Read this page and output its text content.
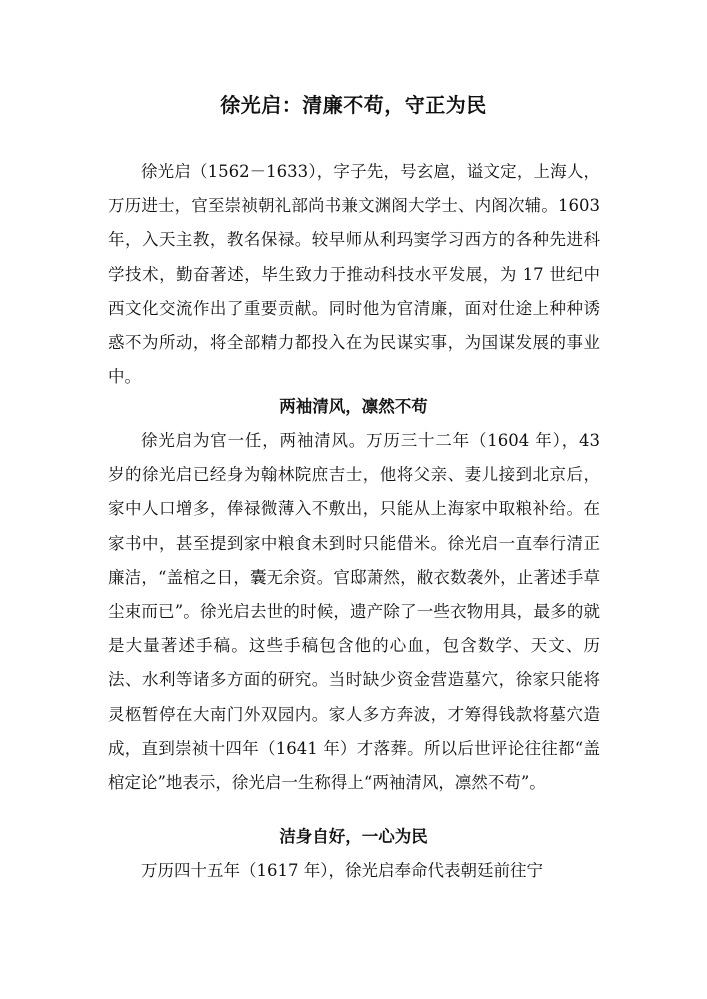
徐光启：清廉不苟，守正为民

徐光启（1562－1633），字子先，号玄扈，谥文定，上海人，万历进士，官至崇祯朝礼部尚书兼文渊阁大学士、内阁次辅。1603 年，入天主教，教名保禄。较早师从利玛窦学习西方的各种先进科学技术，勤奋著述，毕生致力于推动科技水平发展，为 17 世纪中西文化交流作出了重要贡献。同时他为官清廉，面对仕途上种种诱惑不为所动，将全部精力都投入在为民谋实事，为国谋发展的事业中。

两袖清风，凛然不苟

徐光启为官一任，两袖清风。万历三十二年（1604 年），43 岁的徐光启已经身为翰林院庶吉士，他将父亲、妻儿接到北京后，家中人口增多，俸禄微薄入不敷出，只能从上海家中取粮补给。在家书中，甚至提到家中粮食未到时只能借米。徐光启一直奉行清正廉洁，“盖棺之日，囊无余资。官邸萧然，敝衣数袭外，止著述手草尘束而已”。徐光启去世的时候，遗产除了一些衣物用具，最多的就是大量著述手稿。这些手稿包含他的心血，包含数学、天文、历法、水利等诸多方面的研究。当时缺少资金营造墓穴，徐家只能将灵柩暂停在大南门外双园内。家人多方奔波，才筹得钱款将墓穴造成，直到崇祯十四年（1641 年）才落葬。所以后世评论往往都“盖棺定论”地表示，徐光启一生称得上“两袖清风，凛然不苟”。

洁身自好，一心为民

万历四十五年（1617 年），徐光启奉命代表朝廷前往宁
